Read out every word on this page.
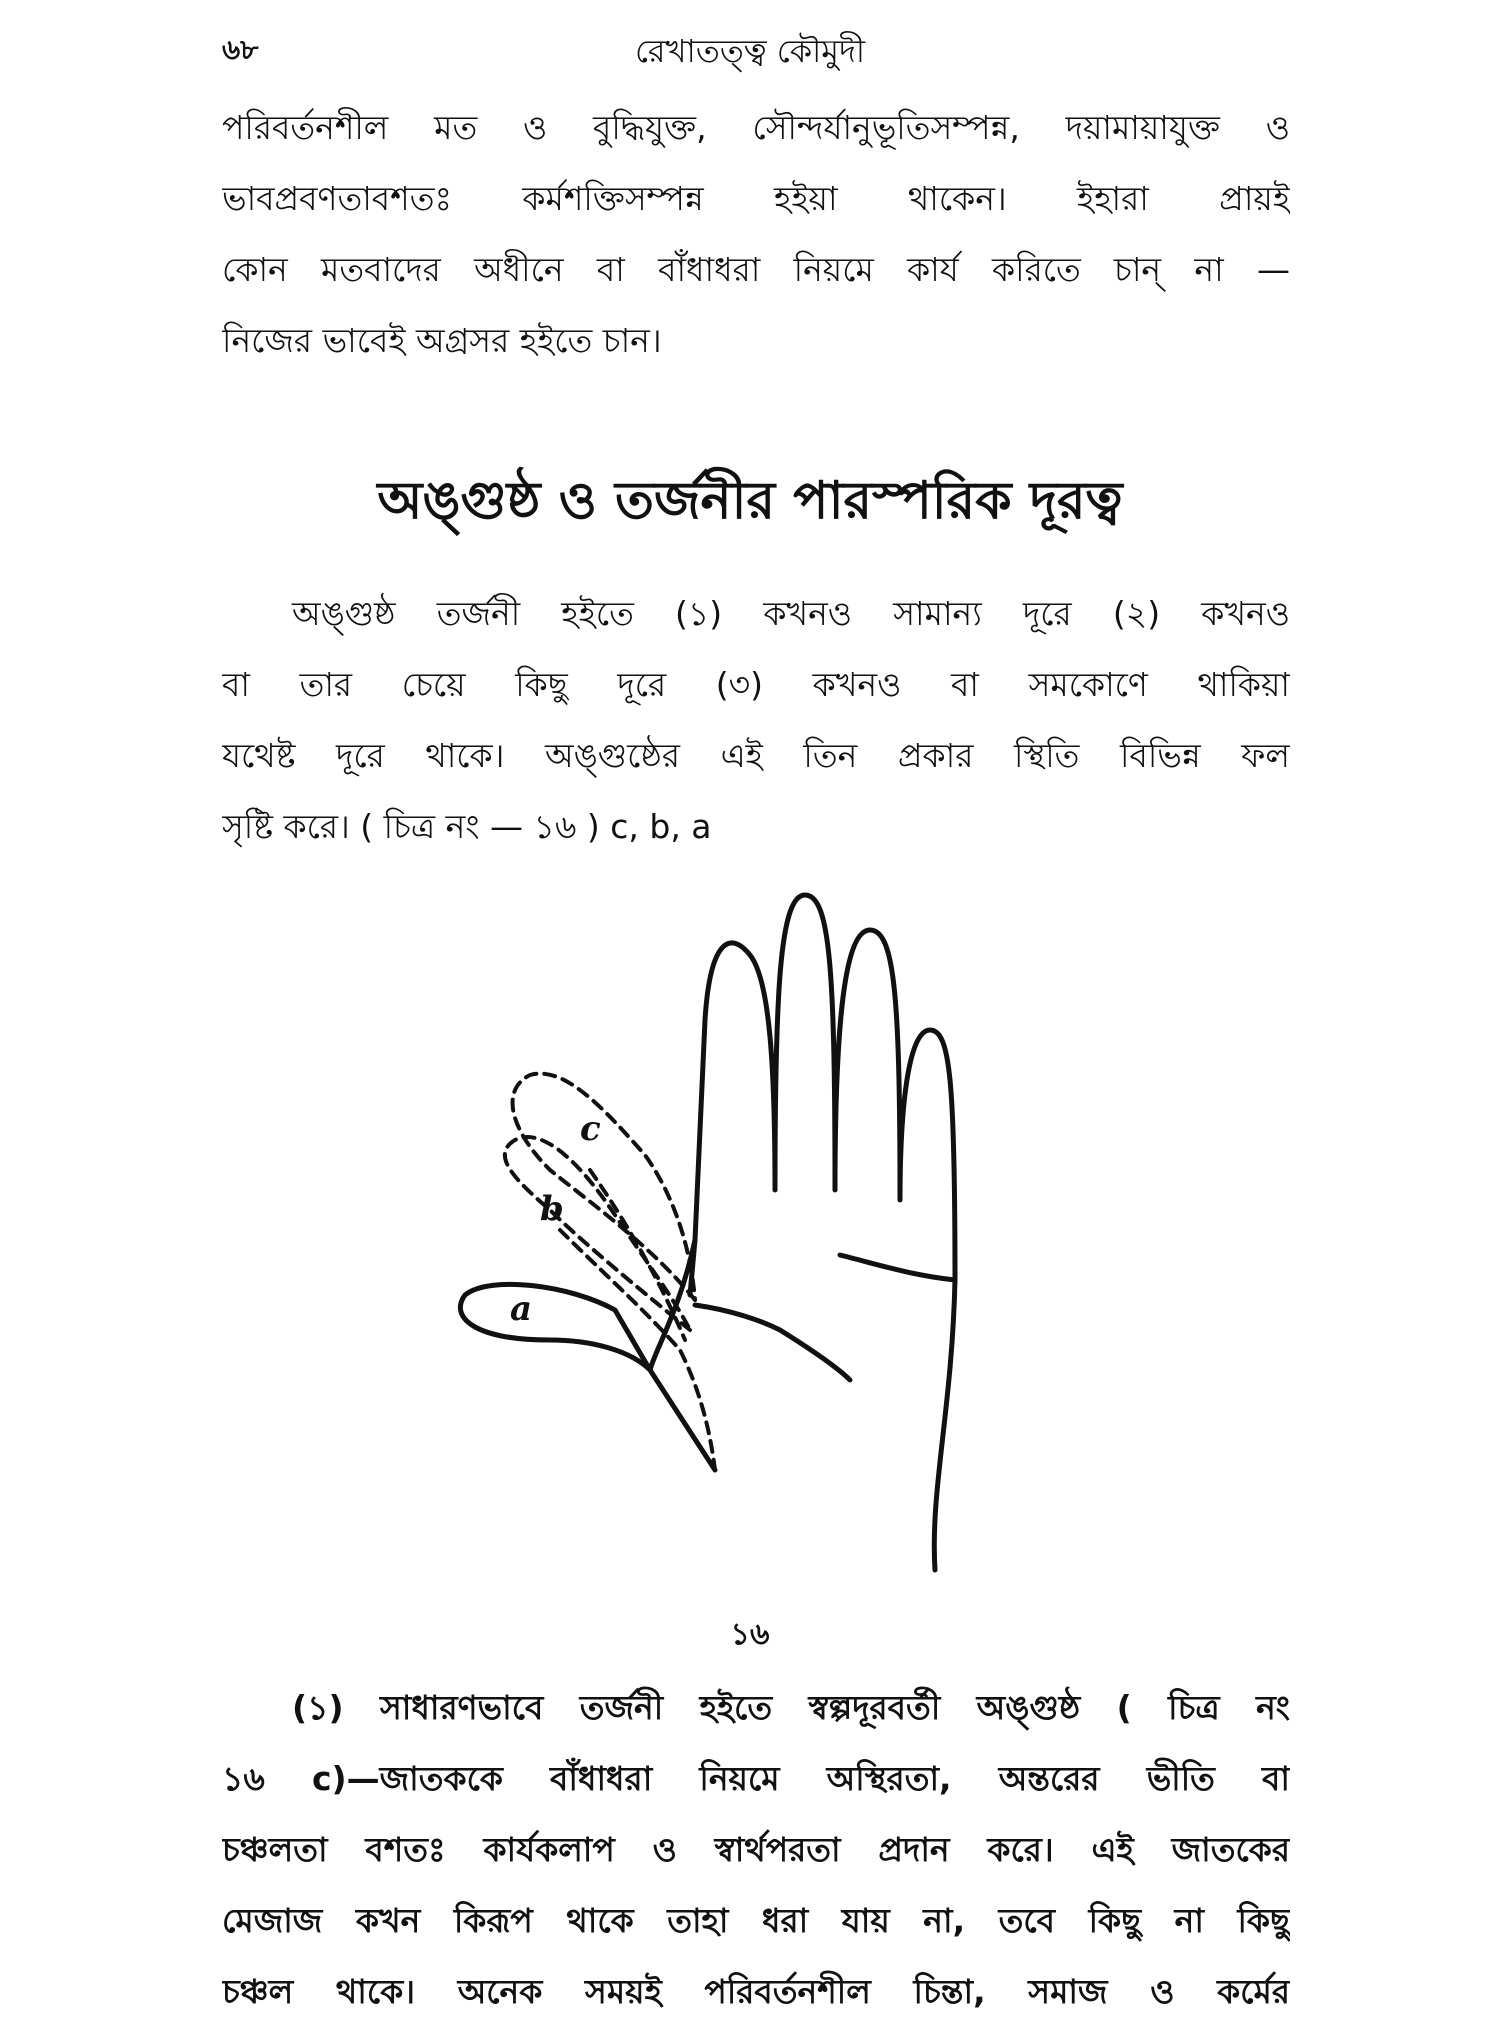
৬৮	রেখাতত্ত্ব কৌমুদী
পরিবর্তনশীল মত ও বুদ্ধিযুক্ত, সৌন্দর্যানুভূতিসম্পন্ন, দয়ামায়াযুক্ত ও
ভাবপ্রবণতাবশতঃ কর্মশক্তিসম্পন্ন হইয়া থাকেন। ইহারা প্রায়ই
কোন মতবাদের অধীনে বা বাঁধাধরা নিয়মে কার্য করিতে চান্ না —
নিজের ভাবেই অগ্রসর হইতে চান।
অঙ্গুষ্ঠ ও তর্জনীর পারস্পরিক দূরত্ব
অঙ্গুষ্ঠ তর্জনী হইতে (১) কখনও সামান্য দূরে (২) কখনও
বা তার চেয়ে কিছু দূরে (৩) কখনও বা সমকোণে থাকিয়া
যথেষ্ট দূরে থাকে। অঙ্গুষ্ঠের এই তিন প্রকার স্থিতি বিভিন্ন ফল
সৃষ্টি করে। ( চিত্র নং — ১৬ ) c, b, a
c
b
a
১৬
(১) সাধারণভাবে তর্জনী হইতে স্বল্পদূরবর্তী অঙ্গুষ্ঠ ( চিত্র নং
১৬ c)—জাতককে বাঁধাধরা নিয়মে অস্থিরতা, অন্তরের ভীতি বা
চঞ্চলতা বশতঃ কার্যকলাপ ও স্বার্থপরতা প্রদান করে। এই জাতকের
মেজাজ কখন কিরূপ থাকে তাহা ধরা যায় না, তবে কিছু না কিছু
চঞ্চল থাকে। অনেক সময়ই পরিবর্তনশীল চিন্তা, সমাজ ও কর্মের
